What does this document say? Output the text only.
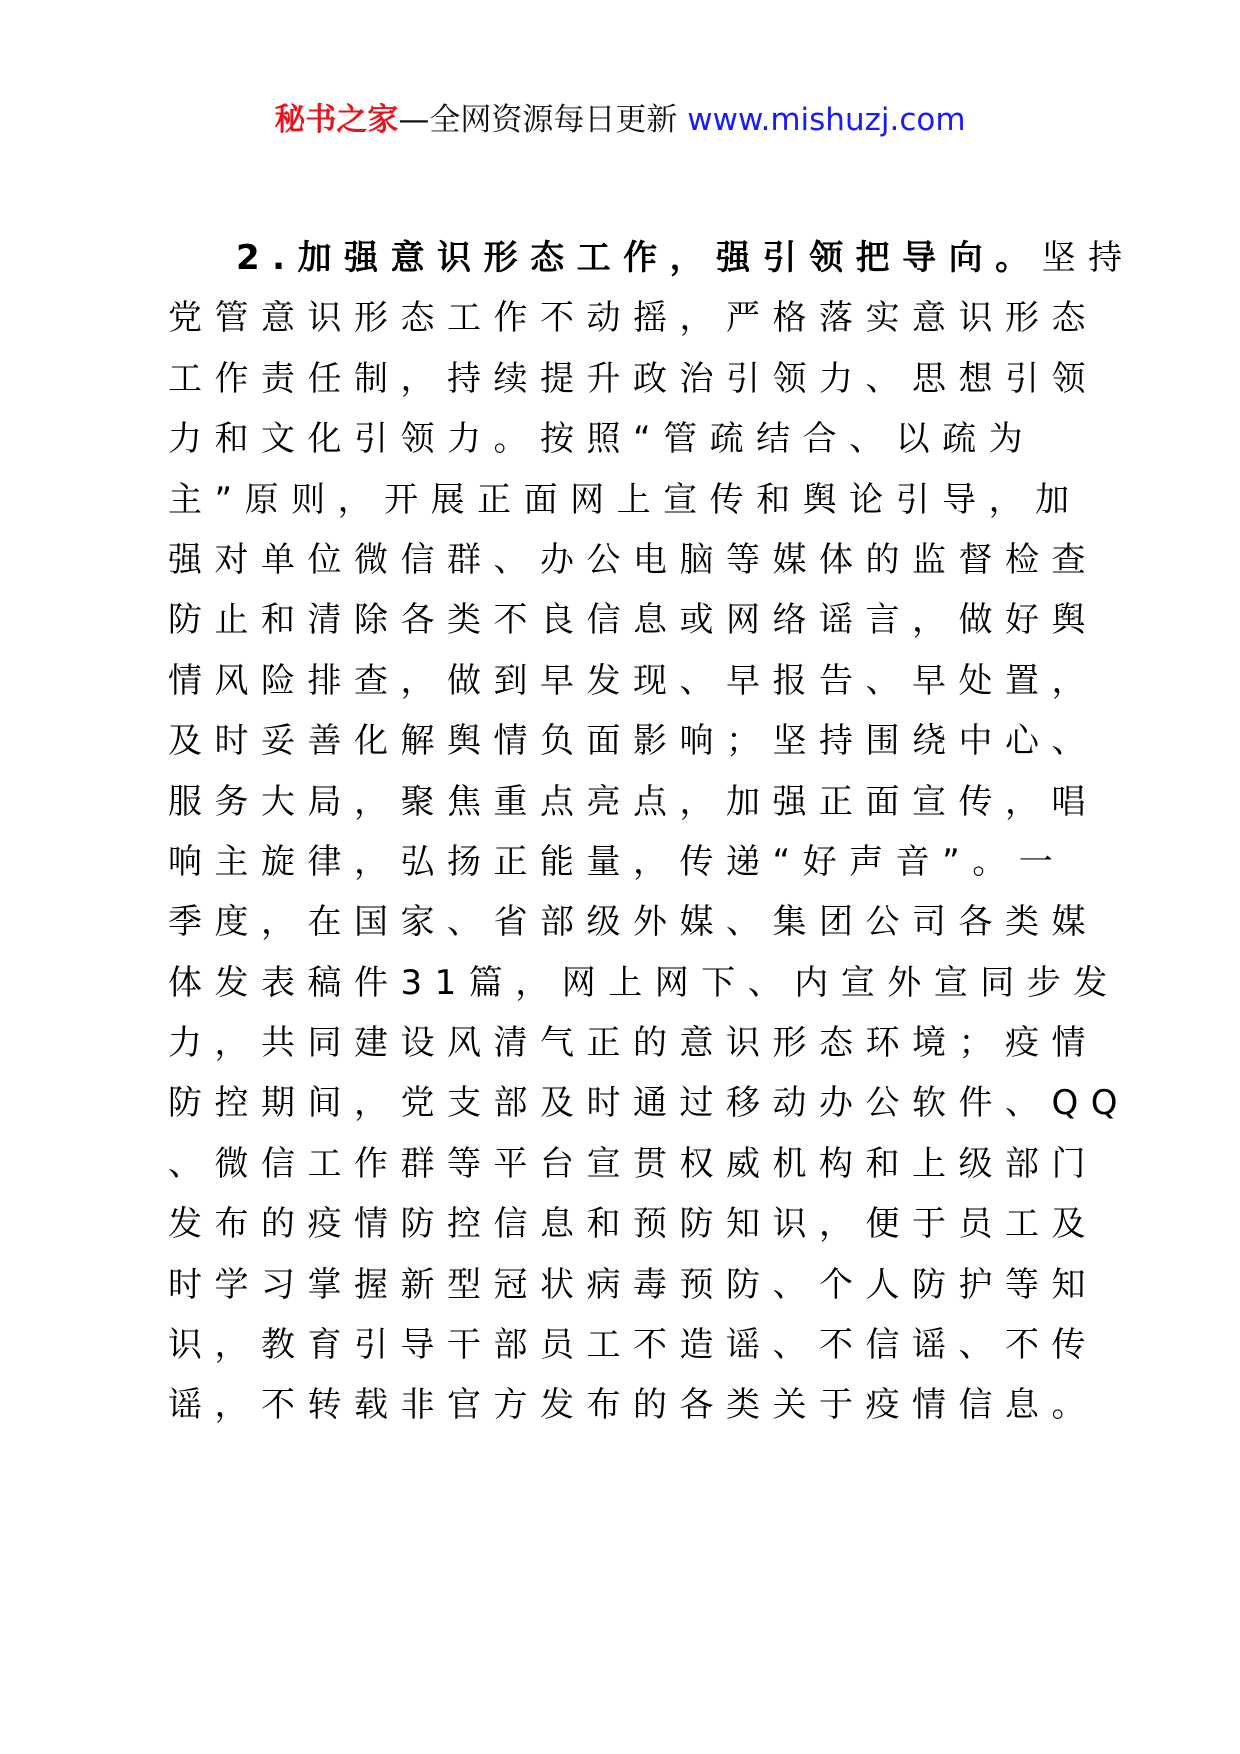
秘书之家—全网资源每日更新 www.mishuzj.com
2.加强意识形态工作，强引领把导向。坚持
党管意识形态工作不动摇，严格落实意识形态
工作责任制，持续提升政治引领力、思想引领
力和文化引领力。按照“管疏结合、以疏为
主”原则，开展正面网上宣传和舆论引导，加
强对单位微信群、办公电脑等媒体的监督检查
防止和清除各类不良信息或网络谣言，做好舆
情风险排查，做到早发现、早报告、早处置，
及时妥善化解舆情负面影响；坚持围绕中心、
服务大局，聚焦重点亮点，加强正面宣传，唱
响主旋律，弘扬正能量，传递“好声音”。一
季度，在国家、省部级外媒、集团公司各类媒
体发表稿件31篇，网上网下、内宣外宣同步发
力，共同建设风清气正的意识形态环境；疫情
防控期间，党支部及时通过移动办公软件、QQ
、微信工作群等平台宣贯权威机构和上级部门
发布的疫情防控信息和预防知识，便于员工及
时学习掌握新型冠状病毒预防、个人防护等知
识，教育引导干部员工不造谣、不信谣、不传
谣，不转载非官方发布的各类关于疫情信息。
